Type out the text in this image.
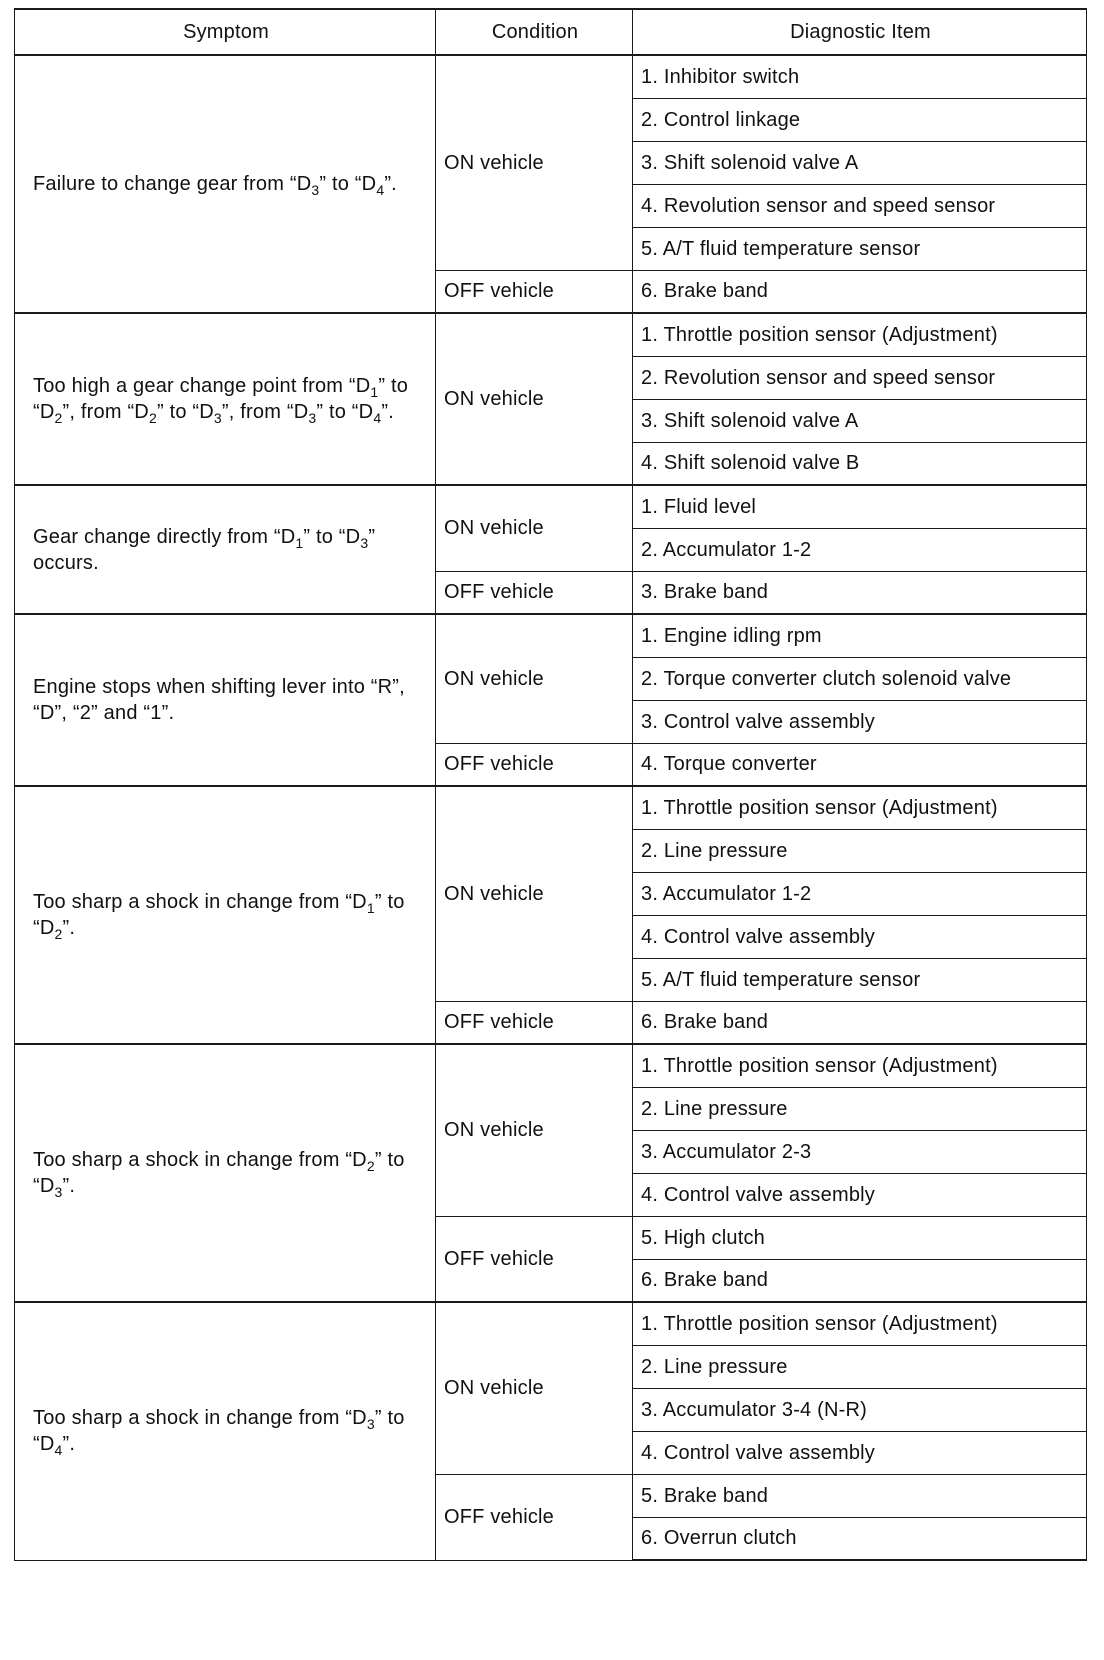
Symptom	Condition	Diagnostic Item

Failure to change gear from “$D_3$” to “$D_4$”.	ON vehicle	1. Inhibitor switch
		2. Control linkage
		3. Shift solenoid valve A
		4. Revolution sensor and speed sensor
		5. A/T fluid temperature sensor
	OFF vehicle	6. Brake band

Too high a gear change point from “$D_1$” to “$D_2$”, from “$D_2$” to “$D_3$”, from “$D_3$” to “$D_4$”.	ON vehicle	1. Throttle position sensor (Adjustment)
		2. Revolution sensor and speed sensor
		3. Shift solenoid valve A
		4. Shift solenoid valve B

Gear change directly from “$D_1$” to “$D_3$” occurs.	ON vehicle	1. Fluid level
		2. Accumulator 1-2
	OFF vehicle	3. Brake band

Engine stops when shifting lever into “R”, “D”, “2” and “1”.	ON vehicle	1. Engine idling rpm
		2. Torque converter clutch solenoid valve
		3. Control valve assembly
	OFF vehicle	4. Torque converter

Too sharp a shock in change from “$D_1$” to “$D_2$”.	ON vehicle	1. Throttle position sensor (Adjustment)
		2. Line pressure
		3. Accumulator 1-2
		4. Control valve assembly
		5. A/T fluid temperature sensor
	OFF vehicle	6. Brake band

Too sharp a shock in change from “$D_2$” to “$D_3$”.	ON vehicle	1. Throttle position sensor (Adjustment)
		2. Line pressure
		3. Accumulator 2-3
		4. Control valve assembly
	OFF vehicle	5. High clutch
		6. Brake band

Too sharp a shock in change from “$D_3$” to “$D_4$”.	ON vehicle	1. Throttle position sensor (Adjustment)
		2. Line pressure
		3. Accumulator 3-4 (N-R)
		4. Control valve assembly
	OFF vehicle	5. Brake band
		6. Overrun clutch
